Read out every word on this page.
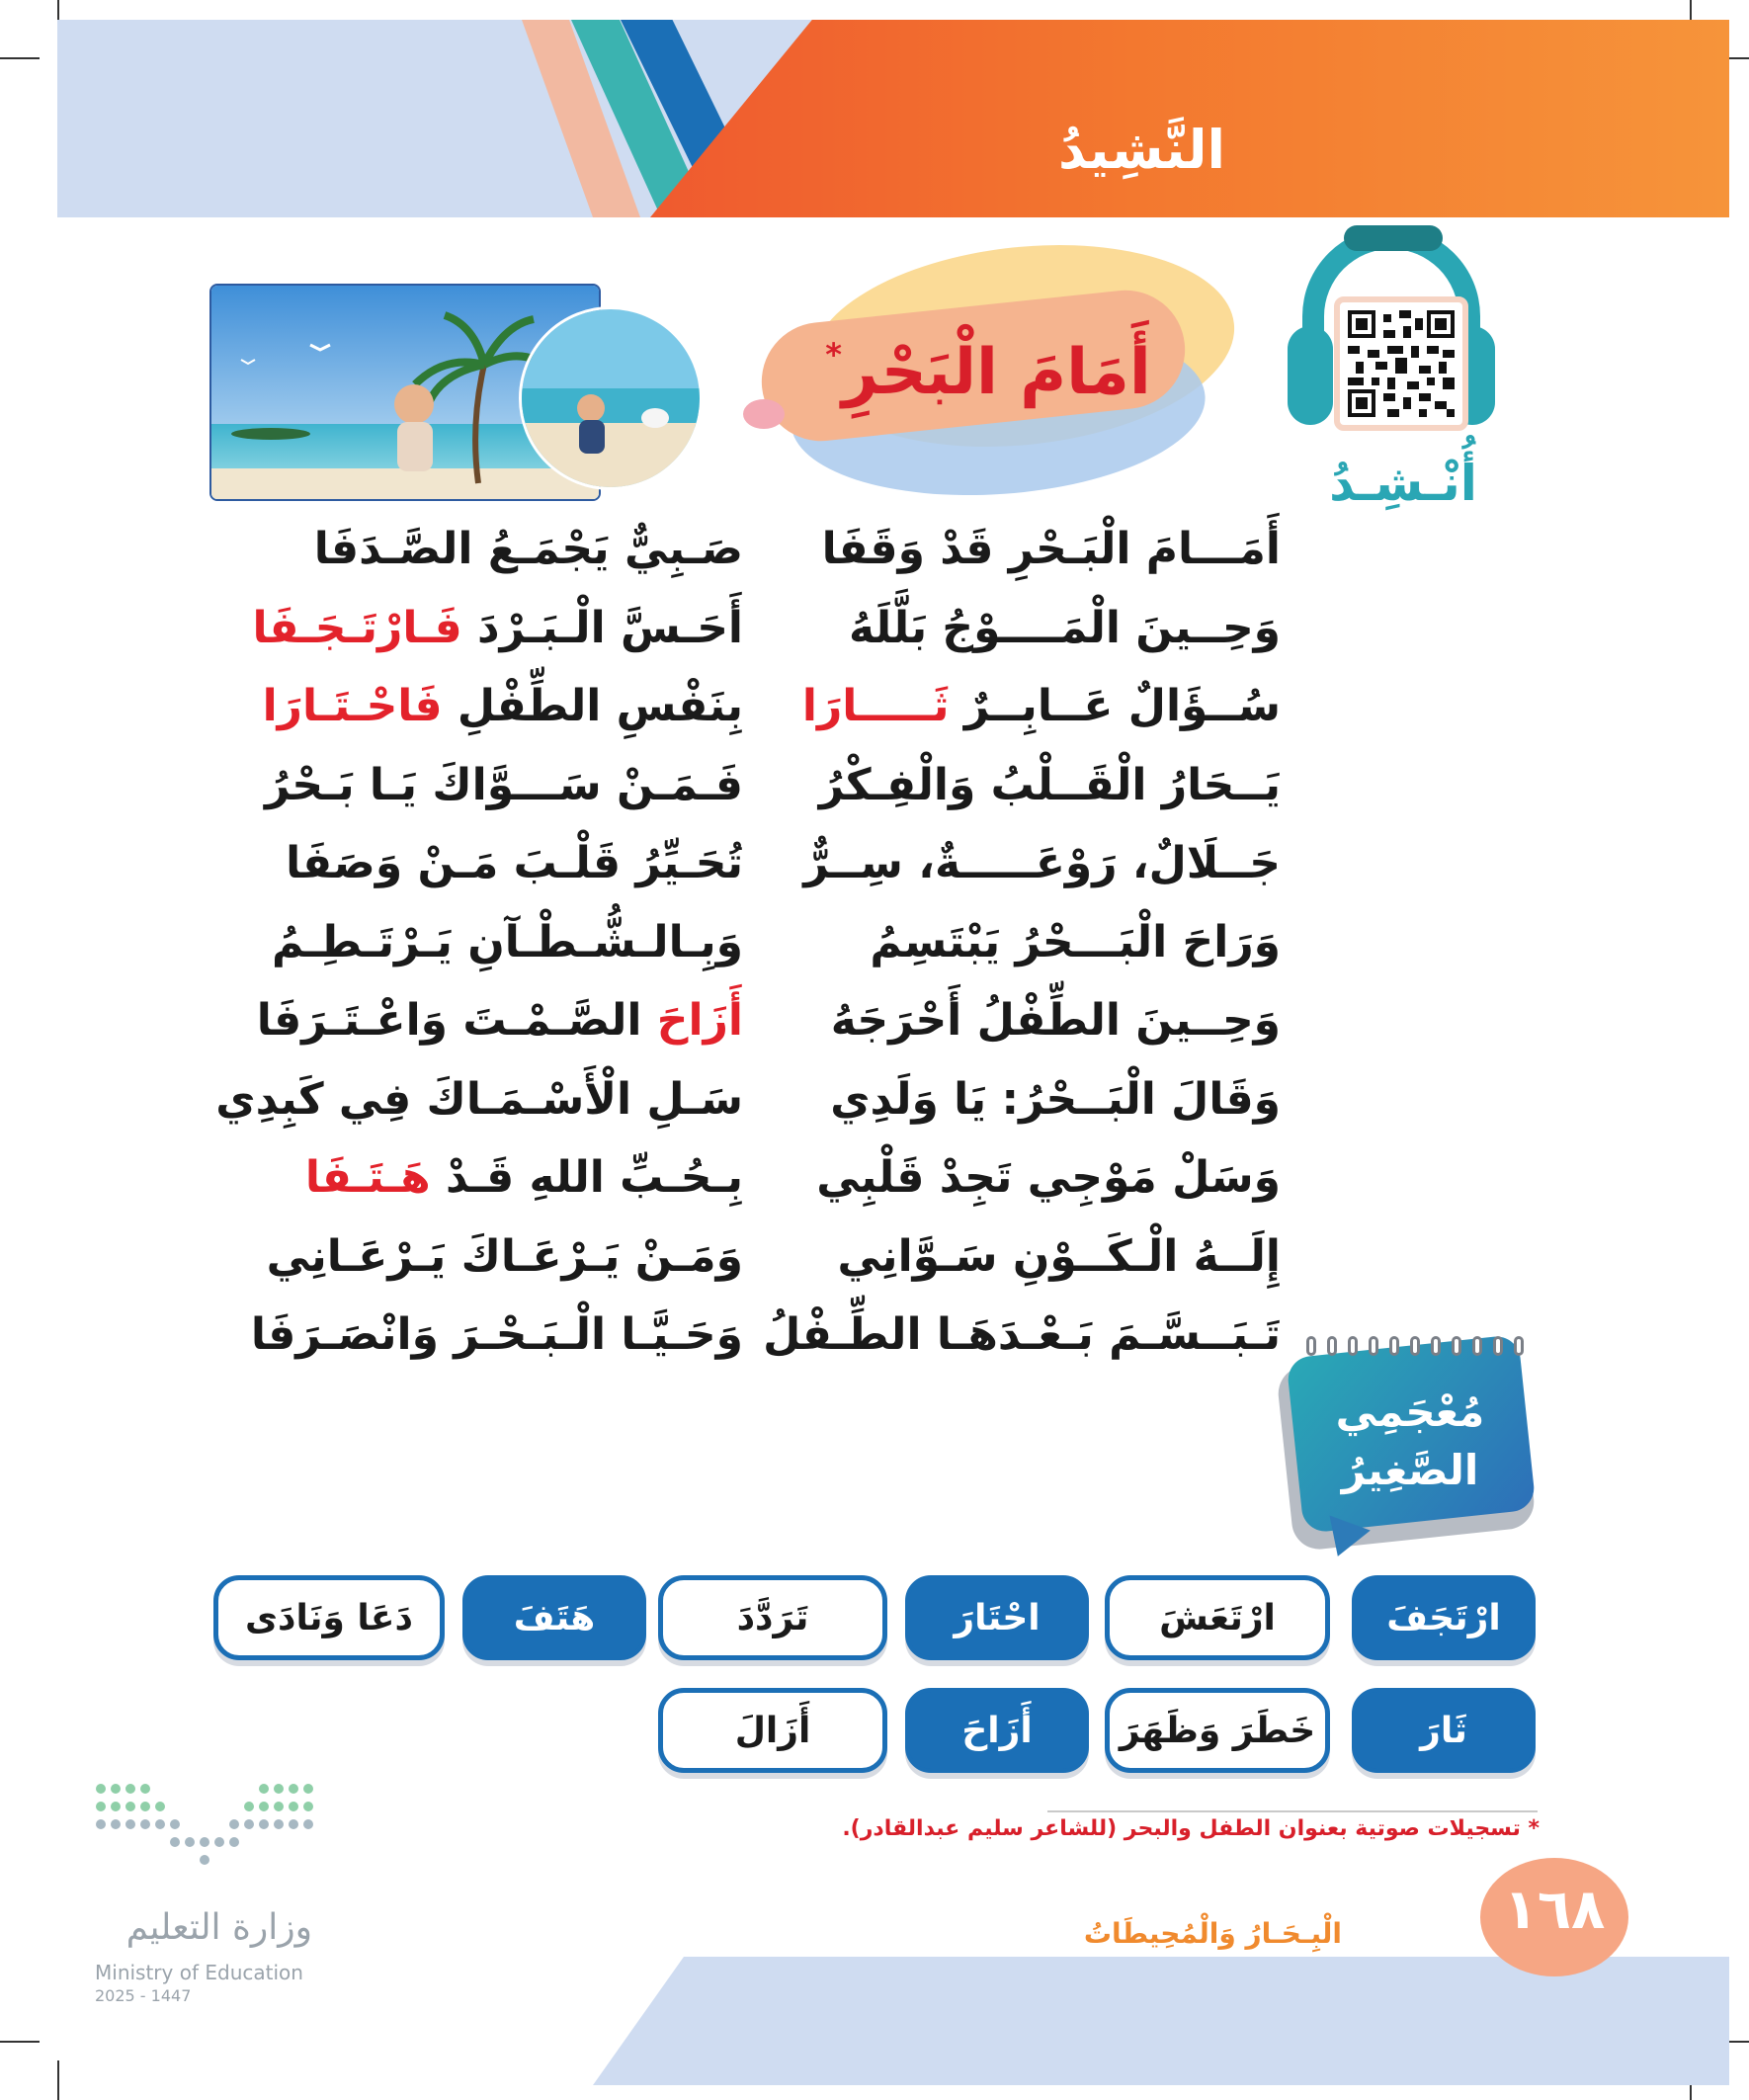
النَّشِيدُ
أُنْـشِـدُ
أَمَامَ الْبَحْرِ*
أَمَـــامَ الْبَـحْرِ قَدْ وَقَفَا
وَحِــينَ الْمَــــوْجُ بَلَّلَهُ
سُــؤَالٌ عَــابِــرٌ ثَـــــارَا
يَــحَارُ الْقَــلْبُ وَالْفِـكْرُ
جَــلَالٌ، رَوْعَـــــةٌ، سِــرٌّ
وَرَاحَ الْبَـــحْرُ يَبْتَسِمُ
وَحِــينَ الطِّفْلُ أَحْرَجَهُ
وَقَالَ الْبَــحْرُ: يَا وَلَدِي
وَسَلْ مَوْجِي تَجِدْ قَلْبِي
إِلَــهُ الْـكَــوْنِ سَـوَّانِي
تَـبَــسَّـمَ بَـعْـدَهَـا الطِّـفْلُ
صَـبِيٌّ يَجْمَـعُ الصَّـدَفَا
أَحَـسَّ الْـبَـرْدَ فَـارْتَـجَـفَا
بِنَفْسِ الطِّفْلِ فَاحْـتَـارَا
فَـمَـنْ سَـــوَّاكَ يَـا بَـحْرُ
تُحَـيِّرُ قَلْـبَ مَـنْ وَصَفَا
وَبِـالـشُّـطْـآنِ يَـرْتَـطِـمُ
أَزَاحَ الصَّـمْـتَ وَاعْـتَـرَفَا
سَـلِ الْأَسْـمَـاكَ فِي كَبِدِي
بِـحُـبِّ اللهِ قَـدْ هَـتَـفَا
وَمَـنْ يَـرْعَـاكَ يَـرْعَـانِي
وَحَـيَّـا الْـبَـحْـرَ وَانْصَـرَفَا
مُعْجَمِي
الصَّغِيرُ
ارْتَجَفَ
ارْتَعَشَ
احْتَارَ
تَرَدَّدَ
هَتَفَ
دَعَا وَنَادَى
ثَارَ
خَطَرَ وَظَهَرَ
أَزَاحَ
أَزَالَ
* تسجيلات صوتية بعنوان الطفل والبحر (للشاعر سليم عبدالقادر).
١٦٨
الْبِـحَـارُ وَالْمُحِيطَاتُ
وزارة التعليم
Ministry of Education
2025 - 1447
